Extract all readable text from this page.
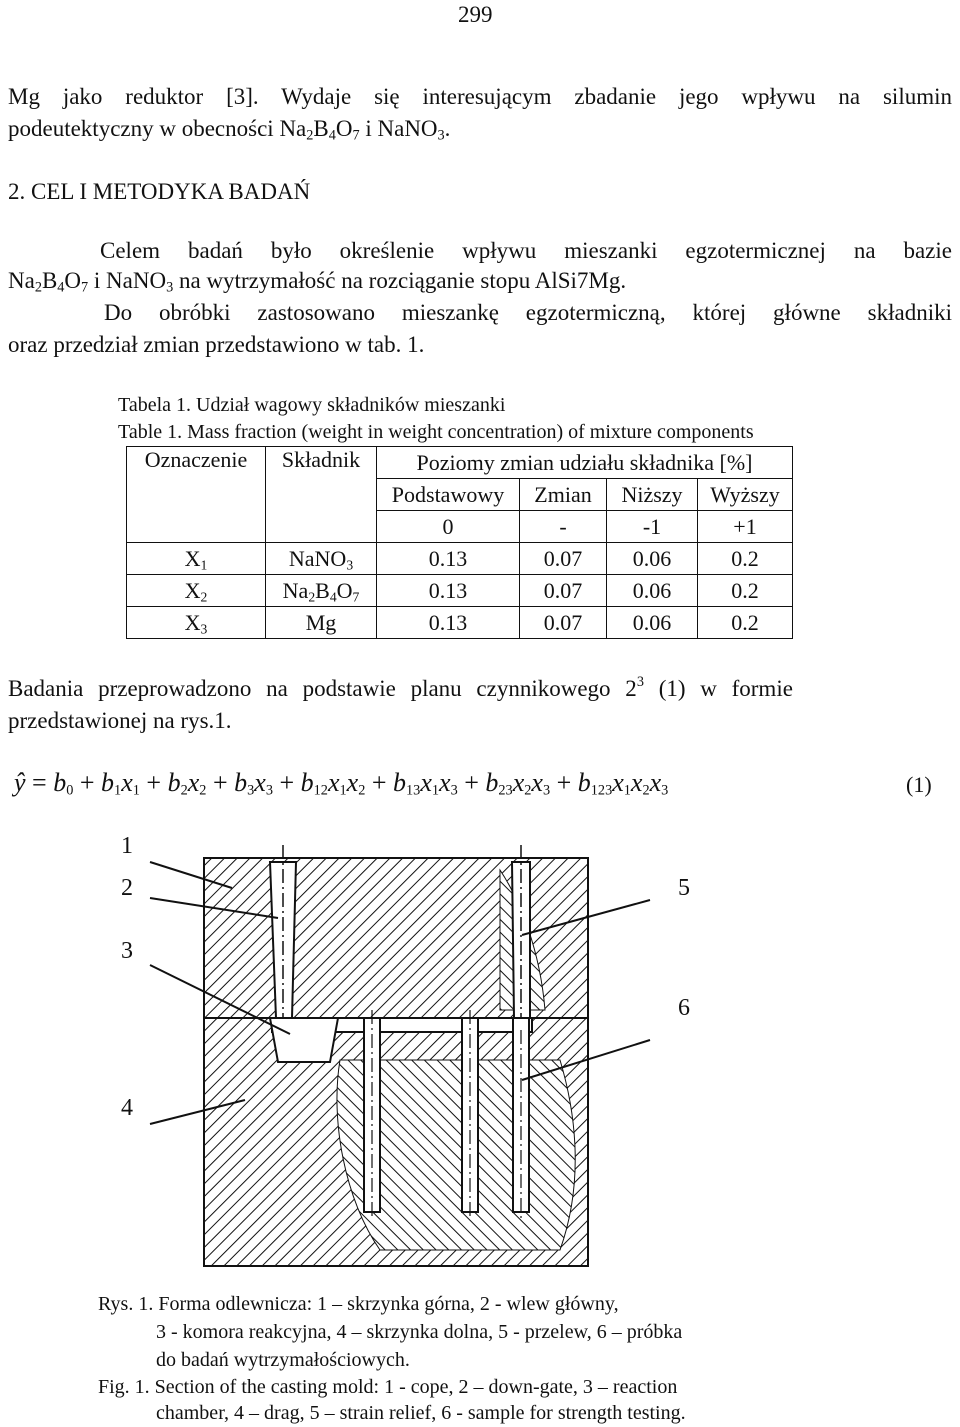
299
Mg jako reduktor [3]. Wydaje się interesującym zbadanie jego wpływu na silumin
podeutektyczny w obecności $Na_2B_4O_7$ i NaNO$_3$.
2. CEL I METODYKA BADAŃ
Celem badań było określenie wpływu mieszanki egzotermicznej na bazie
$Na_2B_4O_7$ i NaNO$_3$ na wytrzymałość na rozciąganie stopu AlSi7Mg.
Do obróbki zastosowano mieszankę egzotermiczną, której główne składniki
oraz przedział zmian przedstawiono w tab. 1.
Tabela 1. Udział wagowy składników mieszanki
Table 1. Mass fraction (weight in weight concentration) of mixture components
Oznaczenie	Składnik	Poziomy zmian udziału składnika [%]			
		Podstawowy	Zmian	Niższy	Wyższy
		0	-	-1	+1
$X_1$	NaNO$_3$	0.13	0.07	0.06	0.2
$X_2$	$Na_2B_4O_7$	0.13	0.07	0.06	0.2
$X_3$	Mg	0.13	0.07	0.06	0.2
Badania przeprowadzono na podstawie planu czynnikowego $2^3$ (1) w formie
przedstawionej na rys.1.
ŷ = $b_0 + b_1x_1 + b_2x_2 + b_3x_3 + b_{12}x_1x_2 + b_{13}x_1x_3 + b_{23}x_2x_3 + b_{123}x_1x_2x_3$	(1)
1
2
3
4
5
6
Rys. 1. Forma odlewnicza: 1 – skrzynka górna, 2 - wlew główny,
3 - komora reakcyjna, 4 – skrzynka dolna, 5 - przelew, 6 – próbka
do badań wytrzymałościowych.
Fig. 1. Section of the casting mold: 1 - cope, 2 – down-gate, 3 – reaction
chamber, 4 – drag, 5 – strain relief, 6 - sample for strength testing.
